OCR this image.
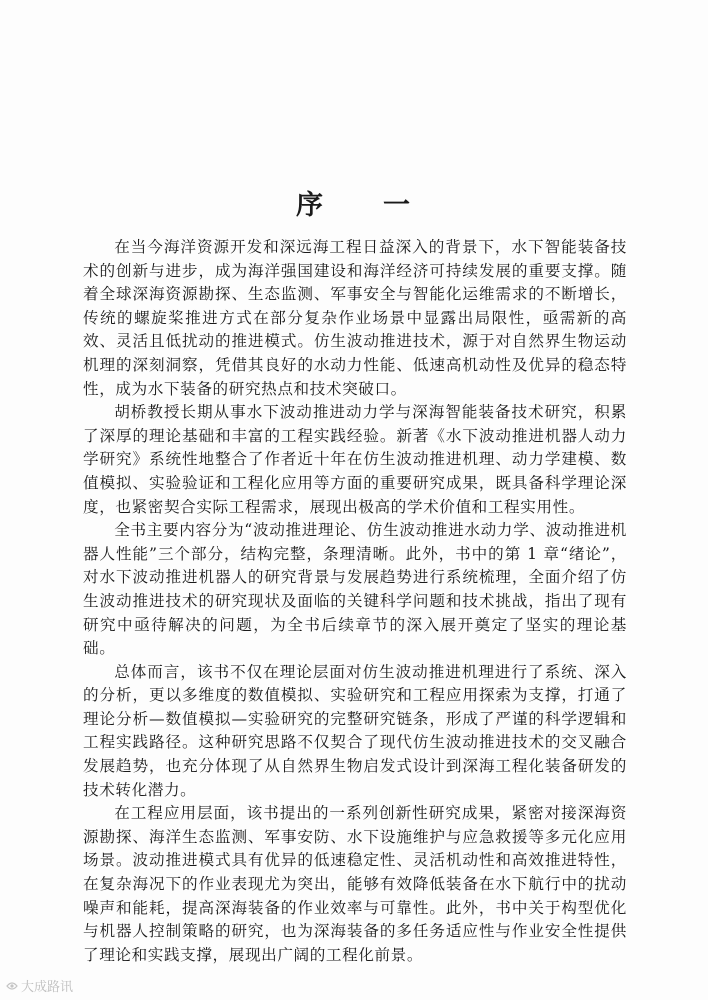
序 一

在当今海洋资源开发和深远海工程日益深入的背景下，水下智能装备技术的创新与进步，成为海洋强国建设和海洋经济可持续发展的重要支撑。随着全球深海资源勘探、生态监测、军事安全与智能化运维需求的不断增长，传统的螺旋桨推进方式在部分复杂作业场景中显露出局限性，亟需新的高效、灵活且低扰动的推进模式。仿生波动推进技术，源于对自然界生物运动机理的深刻洞察，凭借其良好的水动力性能、低速高机动性及优异的稳态特性，成为水下装备的研究热点和技术突破口。

胡桥教授长期从事水下波动推进动力学与深海智能装备技术研究，积累了深厚的理论基础和丰富的工程实践经验。新著《水下波动推进机器人动力学研究》系统性地整合了作者近十年在仿生波动推进机理、动力学建模、数值模拟、实验验证和工程化应用等方面的重要研究成果，既具备科学理论深度，也紧密契合实际工程需求，展现出极高的学术价值和工程实用性。

全书主要内容分为“波动推进理论、仿生波动推进水动力学、波动推进机器人性能”三个部分，结构完整，条理清晰。此外，书中的第 1 章“绪论”，对水下波动推进机器人的研究背景与发展趋势进行系统梳理，全面介绍了仿生波动推进技术的研究现状及面临的关键科学问题和技术挑战，指出了现有研究中亟待解决的问题，为全书后续章节的深入展开奠定了坚实的理论基础。

总体而言，该书不仅在理论层面对仿生波动推进机理进行了系统、深入的分析，更以多维度的数值模拟、实验研究和工程应用探索为支撑，打通了理论分析—数值模拟—实验研究的完整研究链条，形成了严谨的科学逻辑和工程实践路径。这种研究思路不仅契合了现代仿生波动推进技术的交叉融合发展趋势，也充分体现了从自然界生物启发式设计到深海工程化装备研发的技术转化潜力。

在工程应用层面，该书提出的一系列创新性研究成果，紧密对接深海资源勘探、海洋生态监测、军事安防、水下设施维护与应急救援等多元化应用场景。波动推进模式具有优异的低速稳定性、灵活机动性和高效推进特性，在复杂海况下的作业表现尤为突出，能够有效降低装备在水下航行中的扰动噪声和能耗，提高深海装备的作业效率与可靠性。此外，书中关于构型优化与机器人控制策略的研究，也为深海装备的多任务适应性与作业安全性提供了理论和实践支撑，展现出广阔的工程化前景。

大成路讯
